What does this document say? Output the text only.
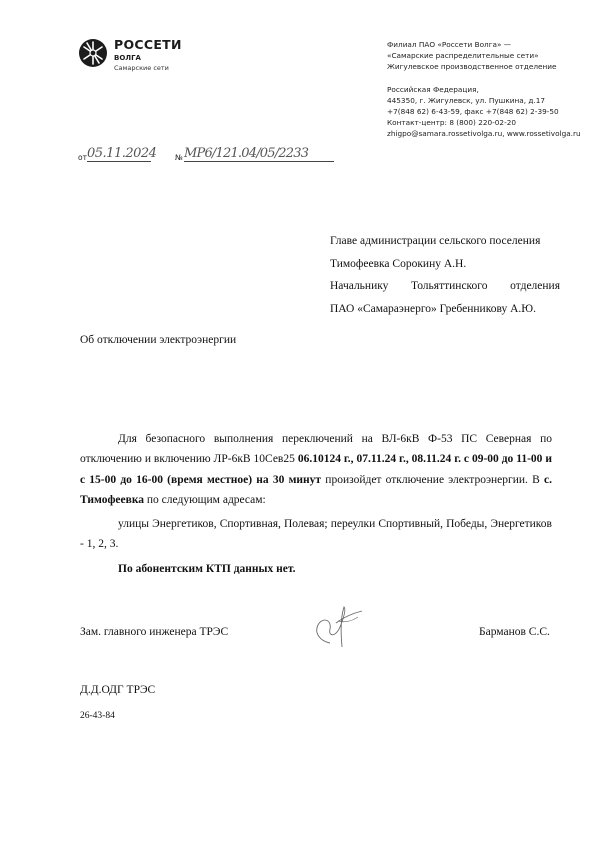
РОССЕТИ
ВОЛГА
Самарские сети
Филиал ПАО «Россети Волга» —
«Самарские распределительные сети»
Жигулевское производственное отделение
Российская Федерация,
445350, г. Жигулевск, ул. Пушкина, д.17
+7(848 62) 6-43-59, факс +7(848 62) 2-39-50
Контакт-центр: 8 (800) 220-02-20
zhigpo@samara.rossetivolga.ru, www.rossetivolga.ru
от 05.11.2024 № МР6/121.04/05/2233
Главе администрации сельского поселения
Тимофеевка Сорокину А.Н.
Начальнику Тольяттинского отделения
ПАО «Самараэнерго» Гребенникову А.Ю.
Об отключении электроэнергии

Для безопасного выполнения переключений на ВЛ-6кВ Ф-53 ПС Северная по отключению и включению ЛР-6кВ 10Сев25 06.10124 г., 07.11.24 г., 08.11.24 г. с 09-00 до 11-00 и с 15-00 до 16-00 (время местное) на 30 минут произойдет отключение электроэнергии. В с. Тимофеевка по следующим адресам:

улицы Энергетиков, Спортивная, Полевая; переулки Спортивный, Победы, Энергетиков - 1, 2, 3.

По абонентским КТП данных нет.

Зам. главного инженера ТРЭС	Барманов С.С.
Д.Д.ОДГ ТРЭС
26-43-84
